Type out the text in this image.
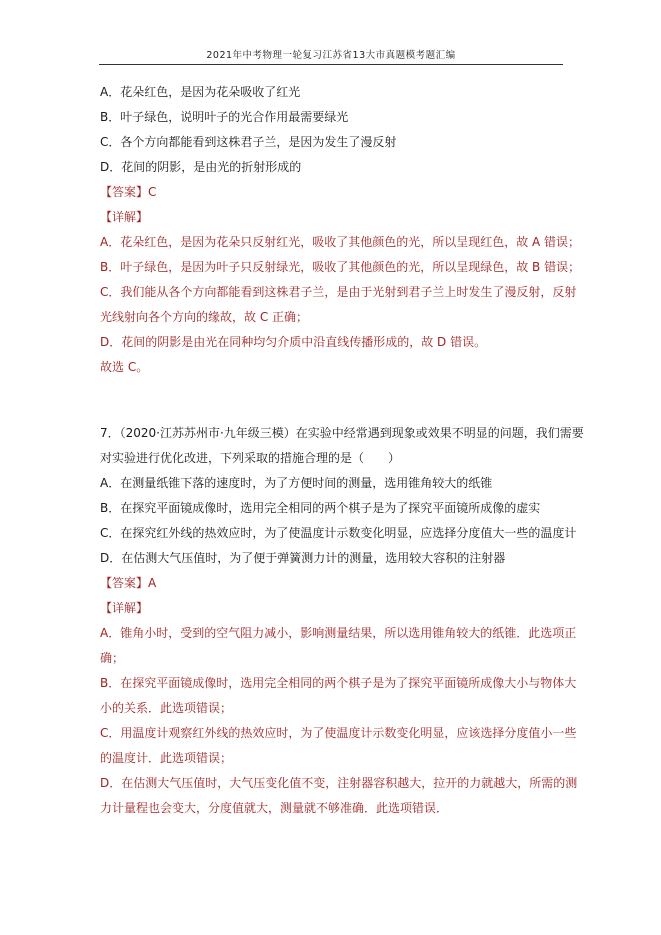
2021年中考物理一轮复习江苏省13大市真题模考题汇编
A．花朵红色，是因为花朵吸收了红光
B．叶子绿色，说明叶子的光合作用最需要绿光
C．各个方向都能看到这株君子兰，是因为发生了漫反射
D．花间的阴影，是由光的折射形成的
【答案】C
【详解】
A．花朵红色，是因为花朵只反射红光，吸收了其他颜色的光，所以呈现红色，故 A 错误；
B．叶子绿色，是因为叶子只反射绿光，吸收了其他颜色的光，所以呈现绿色，故 B 错误；
C．我们能从各个方向都能看到这株君子兰，是由于光射到君子兰上时发生了漫反射，反射
光线射向各个方向的缘故，故 C 正确；
D．花间的阴影是由光在同种均匀介质中沿直线传播形成的，故 D 错误。
故选 C。
7．（2020·江苏苏州市·九年级三模）在实验中经常遇到现象或效果不明显的问题，我们需要
对实验进行优化改进，下列采取的措施合理的是（　　）
A．在测量纸锥下落的速度时，为了方便时间的测量，选用锥角较大的纸锥
B．在探究平面镜成像时，选用完全相同的两个棋子是为了探究平面镜所成像的虚实
C．在探究红外线的热效应时，为了使温度计示数变化明显，应选择分度值大一些的温度计
D．在估测大气压值时，为了便于弹簧测力计的测量，选用较大容积的注射器
【答案】A
【详解】
A．锥角小时，受到的空气阻力减小，影响测量结果，所以选用锥角较大的纸锥．此选项正
确；
B．在探究平面镜成像时，选用完全相同的两个棋子是为了探究平面镜所成像大小与物体大
小的关系．此选项错误；
C．用温度计观察红外线的热效应时，为了使温度计示数变化明显，应该选择分度值小一些
的温度计．此选项错误；
D．在估测大气压值时，大气压变化值不变，注射器容积越大，拉开的力就越大，所需的测
力计量程也会变大，分度值就大，测量就不够准确．此选项错误．
